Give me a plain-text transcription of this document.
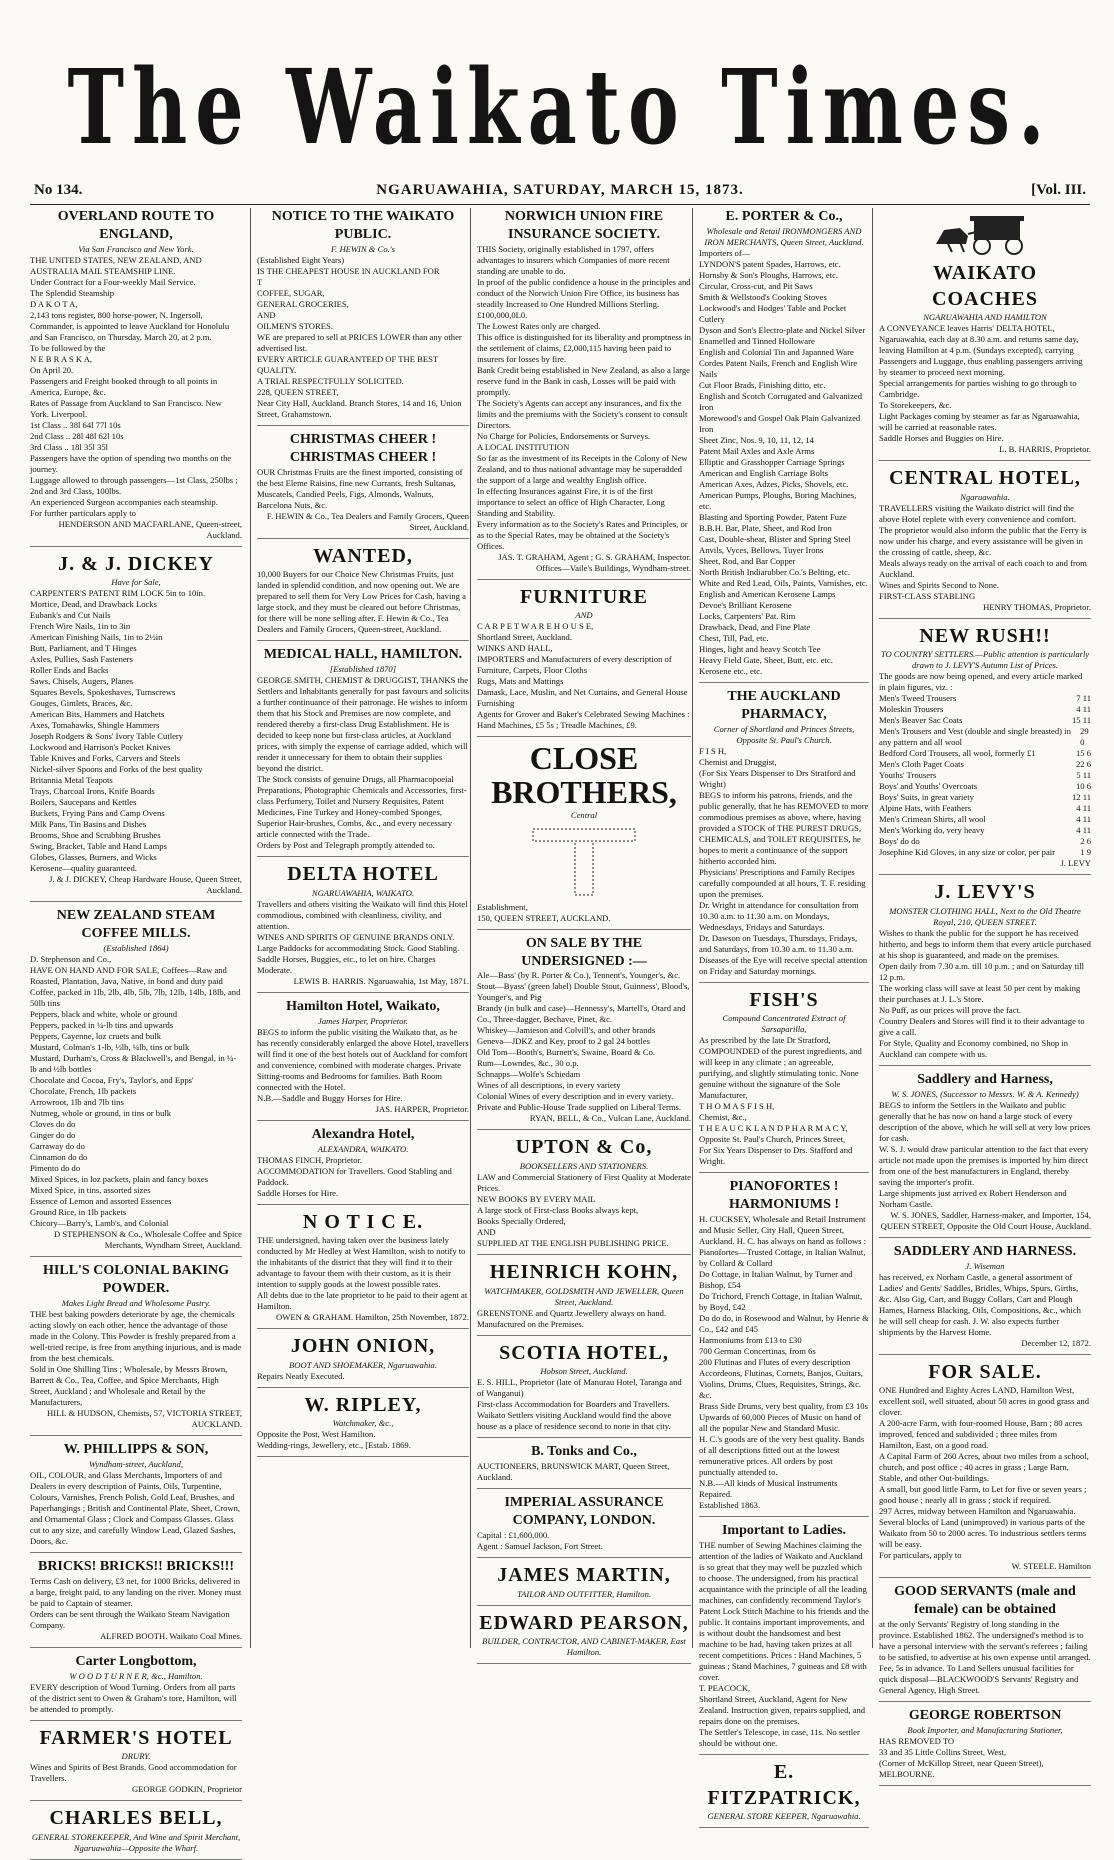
The Waikato Times.
No 134.	NGARUAWAHIA, SATURDAY, MARCH 15, 1873.	[Vol. III.
OVERLAND ROUTE TO ENGLAND,
Via San Francisco and New York.

THE UNITED STATES, NEW ZEALAND, AND AUSTRALIA MAIL STEAMSHIP LINE.

Under Contract for a Four-weekly Mail Service.

The Splendid Steamship

D A K O T A,

2,143 tons register, 800 horse-power, N. Ingersoll, Commander, is appointed to leave Auckland for Honolulu and San Francisco, on Thursday, March 20, at 2 p.m.

To be followed by the

N E B R A S K A,

On April 20.

Passengers and Freight booked through to all points in America, Europe, &c.

Rates of Passage from Auckland to San Francisco. New York. Liverpool.

1st Class .. 38l 64l 77l 10s

2nd Class .. 28l 48l 62l 10s

3rd Class .. 18l 35l 35l

Passengers have the option of spending two months on the journey.

Luggage allowed to through passengers—1st Class, 250lbs ; 2nd and 3rd Class, 100lbs.

An experienced Surgeon accompanies each steamship.

For further particulars apply to

HENDERSON AND MACFARLANE, Queen-street, Auckland.
J. & J. DICKEY
Have for Sale,

CARPENTER'S PATENT RIM LOCK 5in to 10in.

Mortice, Dead, and Drawback Locks

Eubank's and Cut Nails

French Wire Nails, 1in to 3in

American Finishing Nails, 1in to 2½in

Butt, Parliament, and T Hinges

Axles, Pullies, Sash Fasteners

Roller Ends and Backs

Saws, Chisels, Augers, Planes

Squares Bevels, Spokeshaves, Turnscrews

Gouges, Gimlets, Braces, &c.

American Bits, Hammers and Hatchets

Axes, Tomahawks, Shingle Hammers

Joseph Rodgers & Sons' Ivory Table Cutlery

Lockwood and Harrison's Pocket Knives

Table Knives and Forks, Carvers and Steels

Nickel-silver Spoons and Forks of the best quality

Britannia Metal Teapots

Trays, Charcoal Irons, Knife Boards

Boilers, Saucepans and Kettles

Buckets, Frying Pans and Camp Ovens

Milk Pans, Tin Basins and Dishes

Brooms, Shoe and Scrubbing Brushes

Swing, Bracket, Table and Hand Lamps

Globes, Glasses, Burners, and Wicks

Kerosene—quality guaranteed.

J. & J. DICKEY, Cheap Hardware House, Queen Street, Auckland.
NEW ZEALAND STEAM COFFEE MILLS.
(Established 1864)

D. Stephenson and Co.,

HAVE ON HAND AND FOR SALE, Coffees—Raw and Roasted, Plantation, Java, Native, in bond and duty paid

Coffee, packed in 1lb, 2lb, 4lb, 5lb, 7lb, 12lb, 14lb, 18lb, and 50lb tins

Peppers, black and white, whole or ground

Peppers, packed in ¼-lb tins and upwards

Peppers, Cayenne, loz cruets and bulk

Mustard, Colman's 1-lb, ½lb, ¼lb, tins or bulk

Mustard, Durham's, Cross & Blackwell's, and Bengal, in ¼-lb and ½lb bottles

Chocolate and Cocoa, Fry's, Taylor's, and Epps'

Chocolate, French, 1lb packets

Arrowroot, 1lb and 7lb tins

Nutmeg, whole or ground, in tins or bulk

Cloves do do

Ginger do do

Carraway do do

Cinnamon do do

Pimento do do

Mixed Spices, in loz packets, plain and fancy boxes

Mixed Spice, in tins, assorted sizes

Essence of Lemon and assorted Essences

Ground Rice, in 1lb packets

Chicory—Barry's, Lamb's, and Colonial

D STEPHENSON & Co., Wholesale Coffee and Spice Merchants, Wyndham Street, Auckland.
HILL'S COLONIAL BAKING POWDER.
Makes Light Bread and Wholesome Pastry.

THE best baking powders deteriorate by age, the chemicals acting slowly on each other, hence the advantage of those made in the Colony. This Powder is freshly prepared from a well-tried recipe, is free from anything injurious, and is made from the best chemicals.

Sold in One Shilling Tins ; Wholesale, by Messrs Brown, Barrett & Co., Tea, Coffee, and Spice Merchants, High Street, Auckland ; and Wholesale and Retail by the Manufacturers,

HILL & HUDSON, Chemists, 57, VICTORIA STREET, AUCKLAND.
W. PHILLIPPS & SON,
Wyndham-street, Auckland,

OIL, COLOUR, and Glass Merchants, Importers of and Dealers in every description of Paints, Oils, Turpentine, Colours, Varnishes, French Polish, Gold Leaf, Brushes, and Paperhangings ; British and Continental Plate, Sheet, Crown, and Ornamental Glass ; Clock and Compass Glasses. Glass cut to any size, and carefully Window Lead, Glazed Sashes, Doors, &c.

BRICKS! BRICKS!! BRICKS!!!

Terms Cash on delivery, £3 net, for 1000 Bricks, delivered in a barge, freight paid, to any landing on the river. Money must be paid to Captain of steamer.

Orders can be sent through the Waikato Steam Navigation Company.

ALFRED BOOTH. Waikato Coal Mines.
Carter Longbottom,
W O O D T U R N E R, &c., Hamilton.

EVERY description of Wood Turning. Orders from all parts of the district sent to Owen & Graham's tore, Hamilton, will be attended to promptly.

FARMER'S HOTEL
DRURY.

Wines and Spirits of Best Brands. Good accommodation for Travellers.

GEORGE GODKIN, Proprietor
CHARLES BELL,
GENERAL STOREKEEPER, And Wine and Spirit Merchant, Ngaruawahia—Opposite the Wharf.
NOTICE TO THE WAIKATO PUBLIC.
F. HEWIN & Co.'s

(Established Eight Years)

IS THE CHEAPEST HOUSE IN AUCKLAND FOR

T

COFFEE, SUGAR,

GENERAL GROCERIES,

AND

OILMEN'S STORES.

WE are prepared to sell at PRICES LOWER than any other advertised list.

EVERY ARTICLE GUARANTEED OF THE BEST QUALITY.

A TRIAL RESPECTFULLY SOLICITED.

228, QUEEN STREET,

Near City Hall, Auckland. Branch Stores, 14 and 16, Union Street, Grahamstown.

CHRISTMAS CHEER ! CHRISTMAS CHEER !

OUR Christmas Fruits are the finest imported, consisting of the best Eleme Raisins, fine new Currants, fresh Sultanas, Muscatels, Candied Peels, Figs, Almonds, Walnuts, Barcelona Nuts, &c.

F. HEWIN & Co., Tea Dealers and Family Grocers, Queen Street, Auckland.
WANTED,

10,000 Buyers for our Choice New Christmas Fruits, just landed in splendid condition, and now opening out. We are prepared to sell them for Very Low Prices for Cash, having a large stock, and they must be cleared out before Christmas, for there will be none selling after. F. Hewin & Co., Tea Dealers and Family Grocers, Queen-street, Auckland.

MEDICAL HALL, HAMILTON.
[Established 1870]

GEORGE SMITH, CHEMIST & DRUGGIST, THANKS the Settlers and Inhabitants generally for past favours and solicits a further continuance of their patronage. He wishes to inform them that his Stock and Premises are now complete, and rendered thereby a first-class Drug Establishment. He is decided to keep none but first-class articles, at Auckland prices, with simply the expense of carriage added, which will render it unnecessary for them to obtain their supplies beyond the district.

The Stock consists of genuine Drugs, all Pharmacopoeial Preparations, Photographic Chemicals and Accessories, first-class Perfumery, Toilet and Nursery Requisites, Patent Medicines, Fine Turkey and Honey-combed Sponges, Superior Hair-brushes, Combs, &c., and every necessary article connected with the Trade.

Orders by Post and Telegraph promptly attended to.

DELTA HOTEL
NGARUAWAHIA, WAIKATO.

Travellers and others visiting the Waikato will find this Hotel commodious, combined with cleanliness, civility, and attention.

WINES AND SPIRITS OF GENUINE BRANDS ONLY.

Large Paddocks for accommodating Stock. Good Stabling. Saddle Horses, Buggies, etc., to let on hire. Charges Moderate.

LEWIS B. HARRIS. Ngaruawahia, 1st May, 1871.
Hamilton Hotel, Waikato,
James Harper, Proprietor.

BEGS to inform the public visiting the Waikato that, as he has recently considerably enlarged the above Hotel, travellers will find it one of the best hotels out of Auckland for comfort and convenience, combined with moderate charges. Private Sitting-rooms and Bedrooms for families. Bath Room connected with the Hotel.

N.B.—Saddle and Buggy Horses for Hire.

JAS. HARPER, Proprietor.
Alexandra Hotel,
ALEXANDRA, WAIKATO.

THOMAS FINCH, Proprietor.

ACCOMMODATION for Travellers. Good Stabling and Paddock.

Saddle Horses for Hire.

N O T I C E.

THE undersigned, having taken over the business lately conducted by Mr Hedley at West Hamilton, wish to notify to the inhabitants of the district that they will find it to their advantage to favour them with their custom, as it is their intention to supply goods at the lowest possible rates.

All debts due to the late proprietor to be paid to their agent at Hamilton.

OWEN & GRAHAM. Hamilton, 25th November, 1872.
JOHN ONION,
BOOT AND SHOEMAKER, Ngaruawahia.

Repairs Neatly Executed.

W. RIPLEY,
Watchmaker, &c.,

Opposite the Post, West Hamilton.

Wedding-rings, Jewellery, etc., [Estab. 1869.

NORWICH UNION FIRE INSURANCE SOCIETY.

THIS Society, originally established in 1797, offers advantages to insurers which Companies of more recent standing are unable to do.

In proof of the public confidence a house in the principles and conduct of the Norwich Union Fire Office, its business has steadily Increased to One Hundred Millions Sterling.

£100,000,0L0.

The Lowest Rates only are charged.

This office is distinguished for its liberality and promptness in the settlement of claims, £2,000,115 having been paid to insurers for losses by fire.

Bank Credit being established in New Zealand, as also a large reserve fund in the Bank in cash, Losses will be paid with promptly.

The Society's Agents can accept any insurances, and fix the limits and the premiums with the Society's consent to consult Directors.

No Charge for Policies, Endorsements or Surveys.

A LOCAL INSTITUTION

So far as the investment of its Receipts in the Colony of New Zealand, and to thus national advantage may be superadded the support of a large and wealthy English office.

In effecting Insurances against Fire, it is of the first importance to select an office of High Character, Long Standing and Stability.

Every information as to the Society's Rates and Principles, or as to the Special Rates, may be obtained at the Society's Offices.

JAS. T. GRAHAM, Agent ; G. S. GRAHAM, Inspector. Offices—Vaile's Buildings, Wyndham-street.
FURNITURE
AND

C A R P E T W A R E H O U S E,

Shortland Street, Auckland.

WINKS AND HALL,

IMPORTERS and Manufacturers of every description of Furniture, Carpets, Floor Cloths

Rugs, Mats and Mattings

Damask, Lace, Muslin, and Net Curtains, and General House Furnishing

Agents for Grover and Baker's Celebrated Sewing Machines : Hand Machines, £5 5s ; Treadle Machines, £9.

CLOSE BROTHERS,
Central

Establishment,

150, QUEEN STREET, AUCKLAND.

ON SALE BY THE UNDERSIGNED :—

Ale—Bass' (by R. Porter & Co.), Tennent's, Younger's, &c.

Stout—Byass' (green label) Double Stout, Guinness', Blood's, Younger's, and Pig

Brandy (in bulk and case)—Hennessy's, Martell's, Otard and Co., Three-dagger, Bechave, Pinet, &c.

Whiskey—Jamieson and Colvill's, and other brands

Geneva—JDKZ and Key, proof to 2 gal 24 bottles

Old Tom—Booth's, Burnett's, Swaine, Board & Co.

Rum—Lowndes, &c., 30 o.p.

Schnapps—Wolfe's Schiedam

Wines of all descriptions, in every variety

Colonial Wines of every description and in every variety.

Private and Public-House Trade supplied on Liberal Terms.

RYAN, BELL, & Co., Vulcan Lane, Auckland.
UPTON & Co,
BOOKSELLERS AND STATIONERS.

LAW and Commercial Stationery of First Quality at Moderate Prices.

NEW BOOKS BY EVERY MAIL

A large stock of First-class Books always kept,

Books Specially Ordered,

AND

SUPPLIED AT THE ENGLISH PUBLISHING PRICE.

HEINRICH KOHN,
WATCHMAKER, GOLDSMITH AND JEWELLER, Queen Street, Auckland.

GREENSTONE and Quartz Jewellery always on hand. Manufactured on the Premises.

SCOTIA HOTEL,
Hobson Street, Auckland.

E. S. HILL, Proprietor (late of Manurau Hotel, Taranga and of Wanganui)

First-class Accommodation for Boarders and Travellers.

Waikato Settlers visiting Auckland would find the above house as a place of residence second to none in that city.

B. Tonks and Co.,

AUCTIONEERS, BRUNSWICK MART, Queen Street, Auckland.

IMPERIAL ASSURANCE COMPANY, LONDON.

Capital : £1,600,000.

Agent : Samuel Jackson, Fort Street.

JAMES MARTIN,
TAILOR AND OUTFITTER, Hamilton.
EDWARD PEARSON,
BUILDER, CONTRACTOR, AND CABINET-MAKER, East Hamilton.
E. PORTER & Co.,
Wholesale and Retail IRONMONGERS AND IRON MERCHANTS, Queen Street, Auckland.

Importers of—

LYNDON'S patent Spades, Harrows, etc.

Hornsby & Son's Ploughs, Harrows, etc.

Circular, Cross-cut, and Pit Saws

Smith & Wellstood's Cooking Stoves

Lockwood's and Hodges' Table and Pocket Cutlery

Dyson and Son's Electro-plate and Nickel Silver

Enamelled and Tinned Holloware

English and Colonial Tin and Japanned Ware

Cordes Patent Nails, French and English Wire Nails

Cut Floor Brads, Finishing ditto, etc.

English and Scotch Corrugated and Galvanized Iron

Morewood's and Gospel Oak Plain Galvanized Iron

Sheet Zinc, Nos. 9, 10, 11, 12, 14

Patent Mail Axles and Axle Arms

Elliptic and Grasshopper Carriage Springs

American and English Carriage Bolts

American Axes, Adzes, Picks, Shovels, etc.

American Pumps, Ploughs, Boring Machines, etc.

Blasting and Sporting Powder, Patent Fuze

B.B.H. Bar, Plate, Sheet, and Rod Iron

Cast, Double-shear, Blister and Spring Steel

Anvils, Vyces, Bellows, Tuyer Irons

Sheet, Rod, and Bar Copper

North British Indiarubber Co.'s Belting, etc.

White and Red Lead, Oils, Paints, Varnishes, etc.

English and American Kerosene Lamps

Devoe's Brilliant Kerosene

Locks, Carpenters' Pat. Rim

Drawback, Dead, and Fine Plate

Chest, Till, Pad, etc.

Hinges, light and heavy Scotch Tee

Heavy Field Gate, Sheet, Butt, etc. etc.

Kerosene etc., etc.

THE AUCKLAND PHARMACY,
Corner of Shortland and Princes Streets, Opposite St. Paul's Church.

F I S H,

Chemist and Druggist,

(For Six Years Dispenser to Drs Stratford and Wright)

BEGS to inform his patrons, friends, and the public generally, that he has REMOVED to more commodious premises as above, where, having provided a STOCK of THE PUREST DRUGS, CHEMICALS, and TOILET REQUISITES, he hopes to merit a continuance of the support hitherto accorded him.

Physicians' Prescriptions and Family Recipes carefully compounded at all hours, T. F. residing upon the premises.

Dr. Wright in attendance for consultation from 10.30 a.m. to 11.30 a.m. on Mondays, Wednesdays, Fridays and Saturdays.

Dr. Dawson on Tuesdays, Thursdays, Fridays, and Saturdays, from 10.30 a.m. to 11.30 a.m.

Diseases of the Eye will receive special attention on Friday and Saturday mornings.

FISH'S
Compound Concentrated Extract of Sarsaparilla,

As prescribed by the late Dr Stratford,

COMPOUNDED of the purest ingredients, and will keep in any climate ; an agreeable, purifying, and slightly stimulating tonic. None genuine without the signature of the Sole Manufacturer,

T H O M A S F I S H,

Chemist, &c.,

T H E A U C K L A N D P H A R M A C Y,

Opposite St. Paul's Church, Princes Street,

For Six Years Dispenser to Drs. Stafford and Wright.

PIANOFORTES ! HARMONIUMS !

H. CUCKSEY, Wholesale and Retail Instrument and Music Seller, City Hall, Queen Street, Auckland. H. C. has always on hand as follows :

Pianofortes—Trusted Cottage, in Italian Walnut, by Collard & Collard

Do Cottage, in Italian Walnut, by Turner and Bishop, £54

Do Trichord, French Cottage, in Italian Walnut, by Boyd, £42

Do do do, in Rosewood and Walnut, by Henrie & Co., £42 and £45

Harmoniums from £13 to £30

700 German Concertinas, from 6s

200 Flutinas and Flutes of every description

Accordeons, Flutinas, Cornets, Banjos, Guitars, Violins, Drums, Clues, Requisites, Strings, &c. &c.

Brass Side Drums, very best quality, from £3 10s

Upwards of 60,000 Pieces of Music on hand of all the popular New and Standard Music.

H. C.'s goods are of the very best quality. Bands of all descriptions fitted out at the lowest remunerative prices. All orders by post punctually attended to.

N.B.—All kinds of Musical Instruments Repaired.

Established 1863.

Important to Ladies.

THE number of Sewing Machines claiming the attention of the ladies of Waikato and Auckland is so great that they may well be puzzled which to choose. The undersigned, from his practical acquaintance with the principle of all the leading machines, can confidently recommend Taylor's Patent Lock Stitch Machine to his friends and the public. It contains important improvements, and is without doubt the handsomest and best machine to be had, having taken prizes at all recent competitions. Prices : Hand Machines, 5 guineas ; Stand Machines, 7 guineas and £8 with cover.

T. PEACOCK,

Shortland Street, Auckland, Agent for New Zealand. Instruction given, repairs supplied, and repairs done on the premises.

The Settler's Telescope, in case, 11s. No settler should be without one.

E. FITZPATRICK,
GENERAL STORE KEEPER, Ngaruawahia.
WAIKATO COACHES
NGARUAWAHIA AND HAMILTON

A CONVEYANCE leaves Harris' DELTA HOTEL, Ngaruawahia, each day at 8.30 a.m. and returns same day, leaving Hamilton at 4 p.m. (Sundays excepted), carrying Passengers and Luggage, thus enabling passengers arriving by steamer to proceed next morning.

Special arrangements for parties wishing to go through to Cambridge.

To Storekeepers, &c.

Light Packages coming by steamer as far as Ngaruawahia, will be carried at reasonable rates.

Saddle Horses and Buggies on Hire.

L. B. HARRIS, Proprietor.
CENTRAL HOTEL,
Ngaruawahia.

TRAVELLERS visiting the Waikato district will find the above Hotel replete with every convenience and comfort.

The proprietor would also inform the public that the Ferry is now under his charge, and every assistance will be given in the crossing of cattle, sheep, &c.

Meals always ready on the arrival of each coach to and from Auckland.

Wines and Spirits Second to None.

FIRST-CLASS STABLING

HENRY THOMAS, Proprietor.
NEW RUSH!!
TO COUNTRY SETTLERS.—Public attention is particularly drawn to J. LEVY'S Autumn List of Prices.

The goods are now being opened, and every article marked in plain figures, viz. :

Men's Tweed Trousers	7 11
Moleskin Trousers	4 11
Men's Beaver Sac Coats	15 11
Men's Trousers and Vest (double and single breasted) in any pattern and all wool
29 0
Bedford Cord Trousers, all wool, formerly £1	15 6
Men's Cloth Paget Coats	22 6
Youths' Trousers	5 11
Boys' and Youths' Overcoats	10 6
Boys' Suits, in great variety	12 11
Alpine Hats, with Feathers	4 11
Men's Crimean Shirts, all wool	4 11
Men's Working do, very heavy	4 11
Boys' do do	2 6
Josephine Kid Gloves, in any size or color, per pair	1 9
J. LEVY
J. LEVY'S
MONSTER CLOTHING HALL, Next to the Old Theatre Royal, 210, QUEEN STREET.

Wishes to thank the public for the support he has received hitherto, and begs to inform them that every article purchased at his shop is guaranteed, and made on the premises.

Open daily from 7.30 a.m. till 10 p.m. ; and on Saturday till 12 p.m.

The working class will save at least 50 per cent by making their purchases at J. L.'s Store.

No Puff, as our prices will prove the fact.

Country Dealers and Stores will find it to their advantage to give a call.

For Style, Quality and Economy combined, no Shop in Auckland can compete with us.

Saddlery and Harness,
W. S. JONES, (Successor to Messrs. W. & A. Kennedy)

BEGS to inform the Settlers in the Waikato and public generally that he has now on hand a large stock of every description of the above, which he will sell at very low prices for cash.

W. S. J. would draw particular attention to the fact that every article not made upon the premises is imported by him direct from one of the best manufacturers in England, thereby saving the importer's profit.

Large shipments just arrived ex Robert Henderson and Norham Castle.

W. S. JONES, Saddler, Harness-maker, and Importer, 154, QUEEN STREET, Opposite the Old Court House, Auckland.
SADDLERY AND HARNESS.
J. Wiseman

has received, ex Norham Castle, a general assortment of Ladies' and Gents' Saddles, Bridles, Whips, Spurs, Girths, &c. Also Gig, Cart, and Buggy Collars, Cart and Plough Hames, Harness Blacking, Oils, Compositions, &c., which he will sell cheap for cash. J. W. also expects further shipments by the Harvest Home.

December 12, 1872.
FOR SALE.

ONE Hundred and Eighty Acres LAND, Hamilton West, excellent soil, well situated, about 50 acres in good grass and clover.

A 200-acre Farm, with four-roomed House, Barn ; 80 acres improved, fenced and subdivided ; three miles from Hamilton, East, on a good road.

A Capital Farm of 260 Acres, about two miles from a school, church, and post office ; 40 acres in grass ; Large Barn, Stable, and other Out-buildings.

A small, but good little Farm, to Let for five or seven years ; good house ; nearly all in grass ; stock if required.

297 Acres, midway between Hamilton and Ngaruawahia.

Several blocks of Land (unimproved) in various parts of the Waikato from 50 to 2000 acres. To industrious settlers terms will be easy.

For particulars, apply to

W. STEELE. Hamilton
GOOD SERVANTS (male and female) can be obtained

at the only Servants' Registry of long standing in the province. Established 1862. The undersigned's method is to have a personal interview with the servant's referees ; failing to be satisfied, to advertise at his own expense until arranged. Fee, 5s in advance. To Land Sellers unusual facilities for quick disposal—BLACKWOOD'S Servants' Registry and General Agency, High Street.

GEORGE ROBERTSON
Book Importer, and Manufacturing Stationer,

HAS REMOVED TO

33 and 35 Little Collins Street, West,

(Corner of McKillop Street, near Queen Street),

MELBOURNE.
